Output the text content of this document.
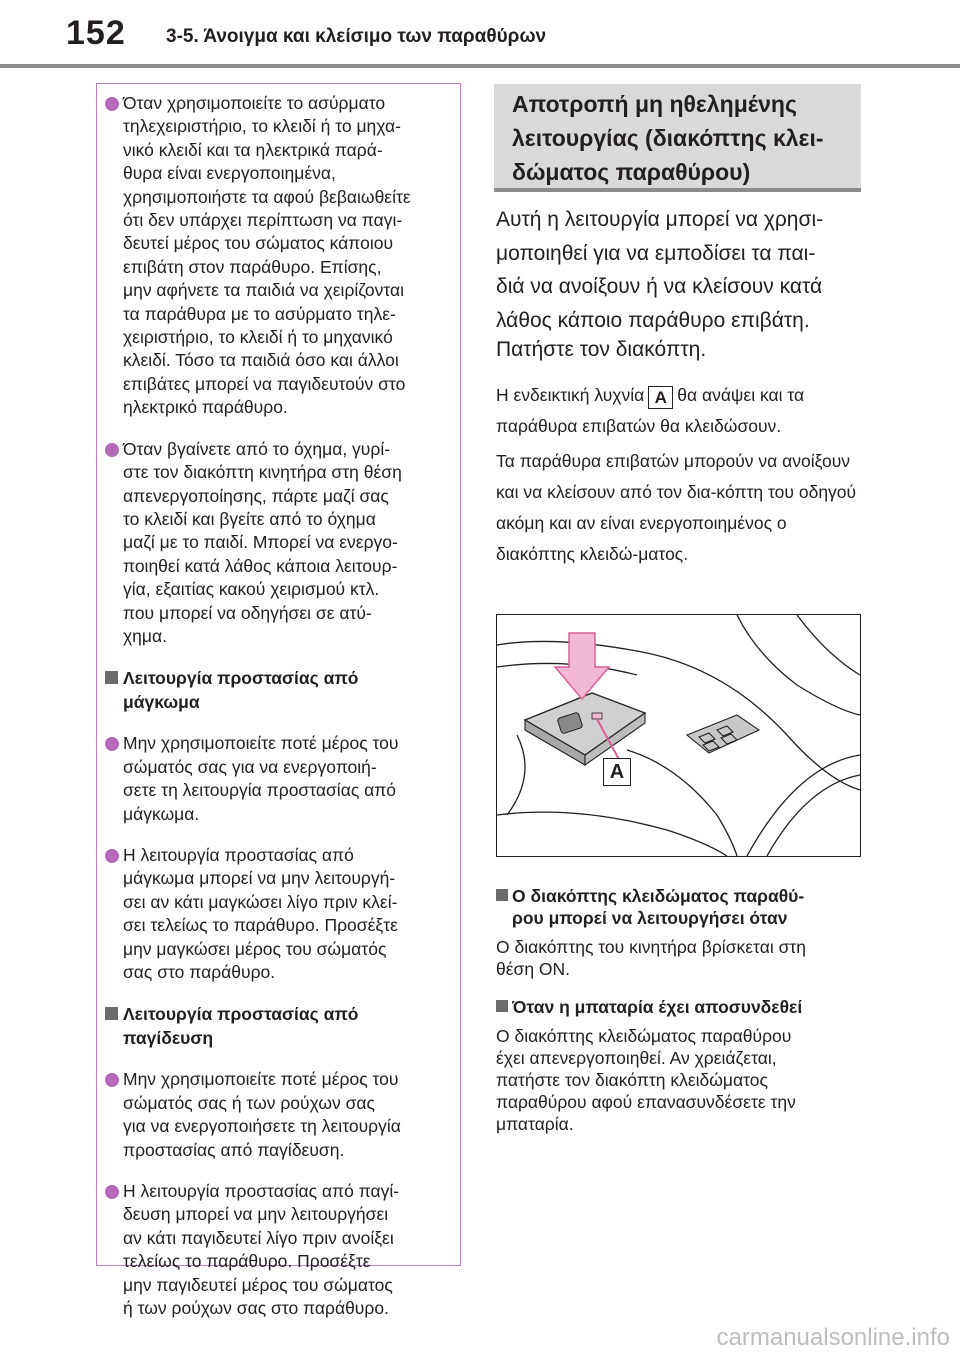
152 3-5. Άνοιγμα και κλείσιμο των παραθύρων
Όταν χρησιμοποιείτε το ασύρματο
τηλεχειριστήριο, το κλειδί ή το μηχα-
νικό κλειδί και τα ηλεκτρικά παρά-
θυρα είναι ενεργοποιημένα,
χρησιμοποιήστε τα αφού βεβαιωθείτε
ότι δεν υπάρχει περίπτωση να παγι-
δευτεί μέρος του σώματος κάποιου
επιβάτη στον παράθυρο. Επίσης,
μην αφήνετε τα παιδιά να χειρίζονται
τα παράθυρα με το ασύρματο τηλε-
χειριστήριο, το κλειδί ή το μηχανικό
κλειδί. Τόσο τα παιδιά όσο και άλλοι
επιβάτες μπορεί να παγιδευτούν στο
ηλεκτρικό παράθυρο.
Όταν βγαίνετε από το όχημα, γυρί-
στε τον διακόπτη κινητήρα στη θέση
απενεργοποίησης, πάρτε μαζί σας
το κλειδί και βγείτε από το όχημα
μαζί με το παιδί. Μπορεί να ενεργο-
ποιηθεί κατά λάθος κάποια λειτουρ-
γία, εξαιτίας κακού χειρισμού κτλ.
που μπορεί να οδηγήσει σε ατύ-
χημα.
Λειτουργία προστασίας από
μάγκωμα
Μην χρησιμοποιείτε ποτέ μέρος του
σώματός σας για να ενεργοποιή-
σετε τη λειτουργία προστασίας από
μάγκωμα.
Η λειτουργία προστασίας από
μάγκωμα μπορεί να μην λειτουργή-
σει αν κάτι μαγκώσει λίγο πριν κλεί-
σει τελείως το παράθυρο. Προσέξτε
μην μαγκώσει μέρος του σώματός
σας στο παράθυρο.
Λειτουργία προστασίας από
παγίδευση
Μην χρησιμοποιείτε ποτέ μέρος του
σώματός σας ή των ρούχων σας
για να ενεργοποιήσετε τη λειτουργία
προστασίας από παγίδευση.
Η λειτουργία προστασίας από παγί-
δευση μπορεί να μην λειτουργήσει
αν κάτι παγιδευτεί λίγο πριν ανοίξει
τελείως το παράθυρο. Προσέξτε
μην παγιδευτεί μέρος του σώματος
ή των ρούχων σας στο παράθυρο.
Αποτροπή μη ηθελημένης
λειτουργίας (διακόπτης κλει-
δώματος παραθύρου)
Αυτή η λειτουργία μπορεί να χρησι-
μοποιηθεί για να εμποδίσει τα παι-
διά να ανοίξουν ή να κλείσουν κατά
λάθος κάποιο παράθυρο επιβάτη.
Πατήστε τον διακόπτη.
Η ενδεικτική λυχνία A θα ανάψει και τα παράθυρα επιβατών θα κλειδώσουν.

Τα παράθυρα επιβατών μπορούν να ανοίξουν και να κλείσουν από τον δια-κόπτη του οδηγού ακόμη και αν είναι ενεργοποιημένος ο διακόπτης κλειδώ-ματος.
A
Ο διακόπτης κλειδώματος παραθύ-
ρου μπορεί να λειτουργήσει όταν
Ο διακόπτης του κινητήρα βρίσκεται στη
θέση ON.
Όταν η μπαταρία έχει αποσυνδεθεί
Ο διακόπτης κλειδώματος παραθύρου
έχει απενεργοποιηθεί. Αν χρειάζεται,
πατήστε τον διακόπτη κλειδώματος
παραθύρου αφού επανασυνδέσετε την
μπαταρία.
carmanualsonline.info
